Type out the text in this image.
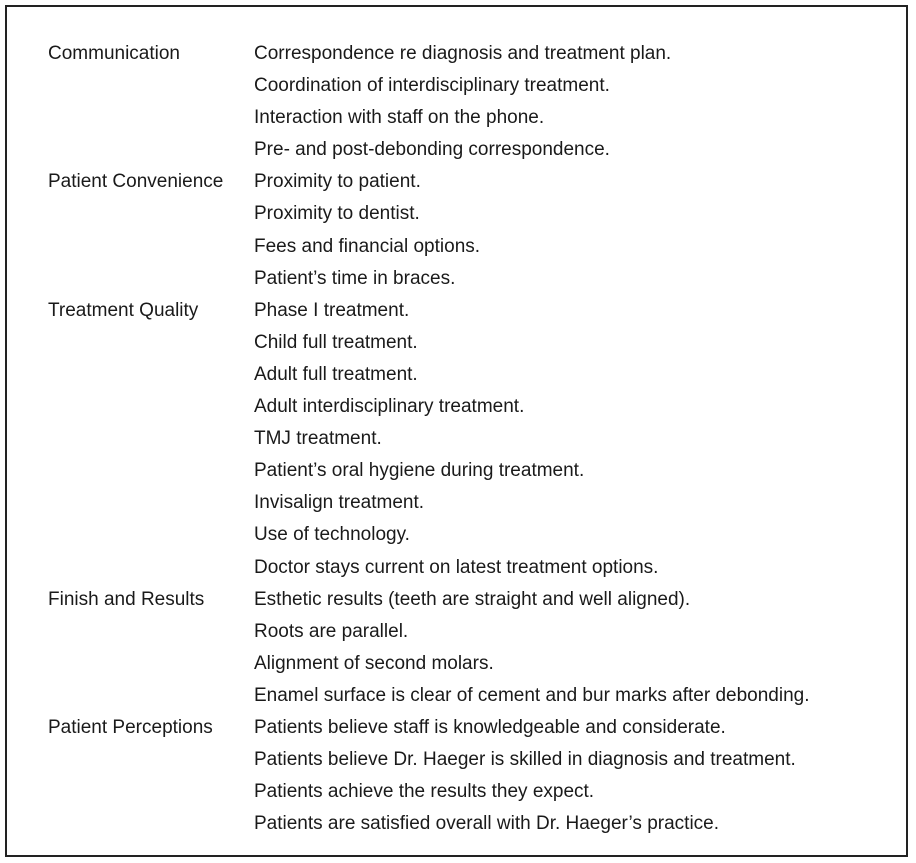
Communication	Correspondence re diagnosis and treatment plan.
Coordination of interdisciplinary treatment.
Interaction with staff on the phone.
Pre- and post-debonding correspondence.
Patient Convenience	Proximity to patient.
Proximity to dentist.
Fees and financial options.
Patient’s time in braces.
Treatment Quality	Phase I treatment.
Child full treatment.
Adult full treatment.
Adult interdisciplinary treatment.
TMJ treatment.
Patient’s oral hygiene during treatment.
Invisalign treatment.
Use of technology.
Doctor stays current on latest treatment options.
Finish and Results	Esthetic results (teeth are straight and well aligned).
Roots are parallel.
Alignment of second molars.
Enamel surface is clear of cement and bur marks after debonding.
Patient Perceptions	Patients believe staff is knowledgeable and considerate.
Patients believe Dr. Haeger is skilled in diagnosis and treatment.
Patients achieve the results they expect.
Patients are satisfied overall with Dr. Haeger’s practice.
